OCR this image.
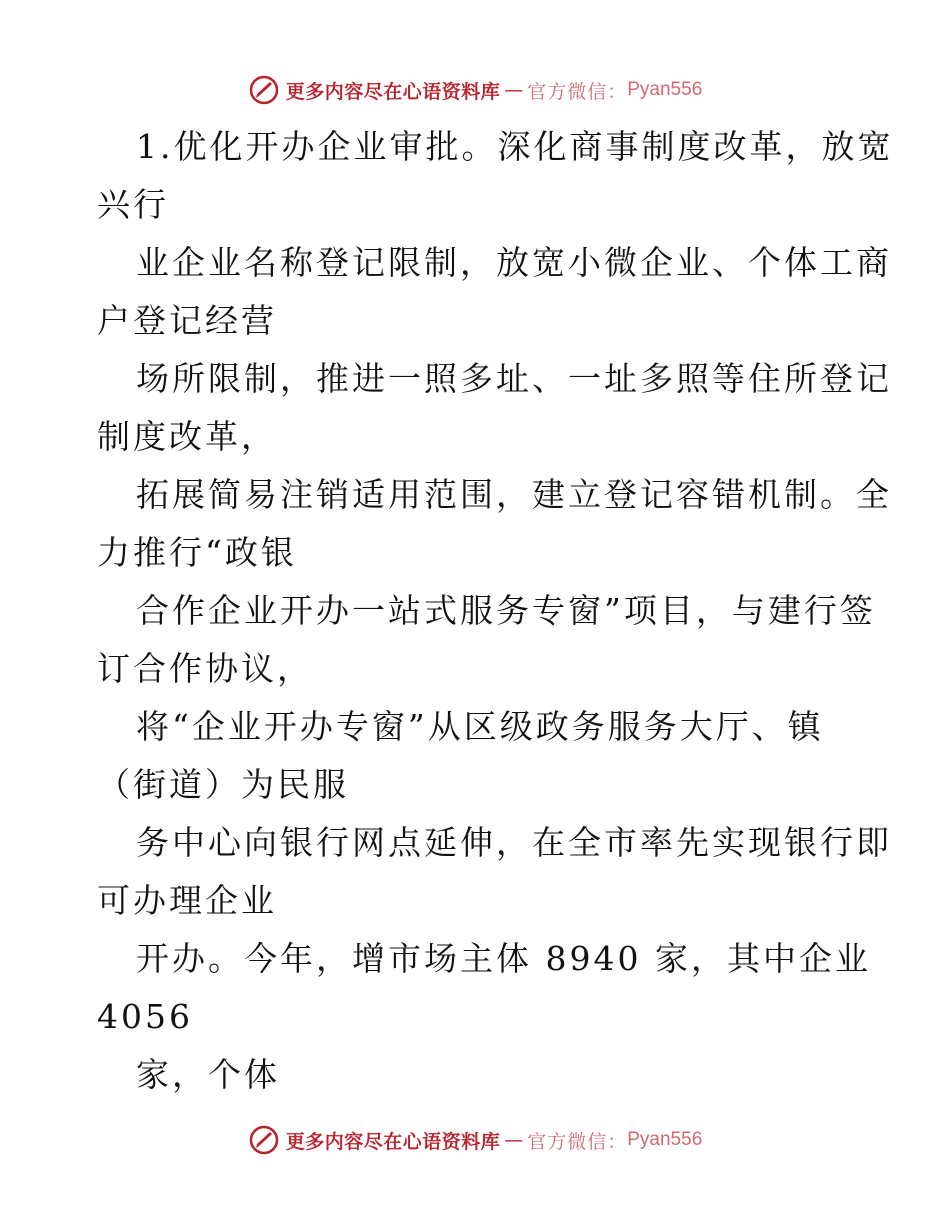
更多内容尽在心语资料库 — 官方微信： Pyan556
1.优化开办企业审批。深化商事制度改革，放宽
兴行
业企业名称登记限制，放宽小微企业、个体工商
户登记经营
场所限制，推进一照多址、一址多照等住所登记
制度改革，
拓展简易注销适用范围，建立登记容错机制。全
力推行“政银
合作企业开办一站式服务专窗”项目，与建行签
订合作协议，
将“企业开办专窗”从区级政务服务大厅、镇
（街道）为民服
务中心向银行网点延伸，在全市率先实现银行即
可办理企业
开办。今年，增市场主体 8940 家，其中企业
4056
家，个体
更多内容尽在心语资料库 — 官方微信： Pyan556
